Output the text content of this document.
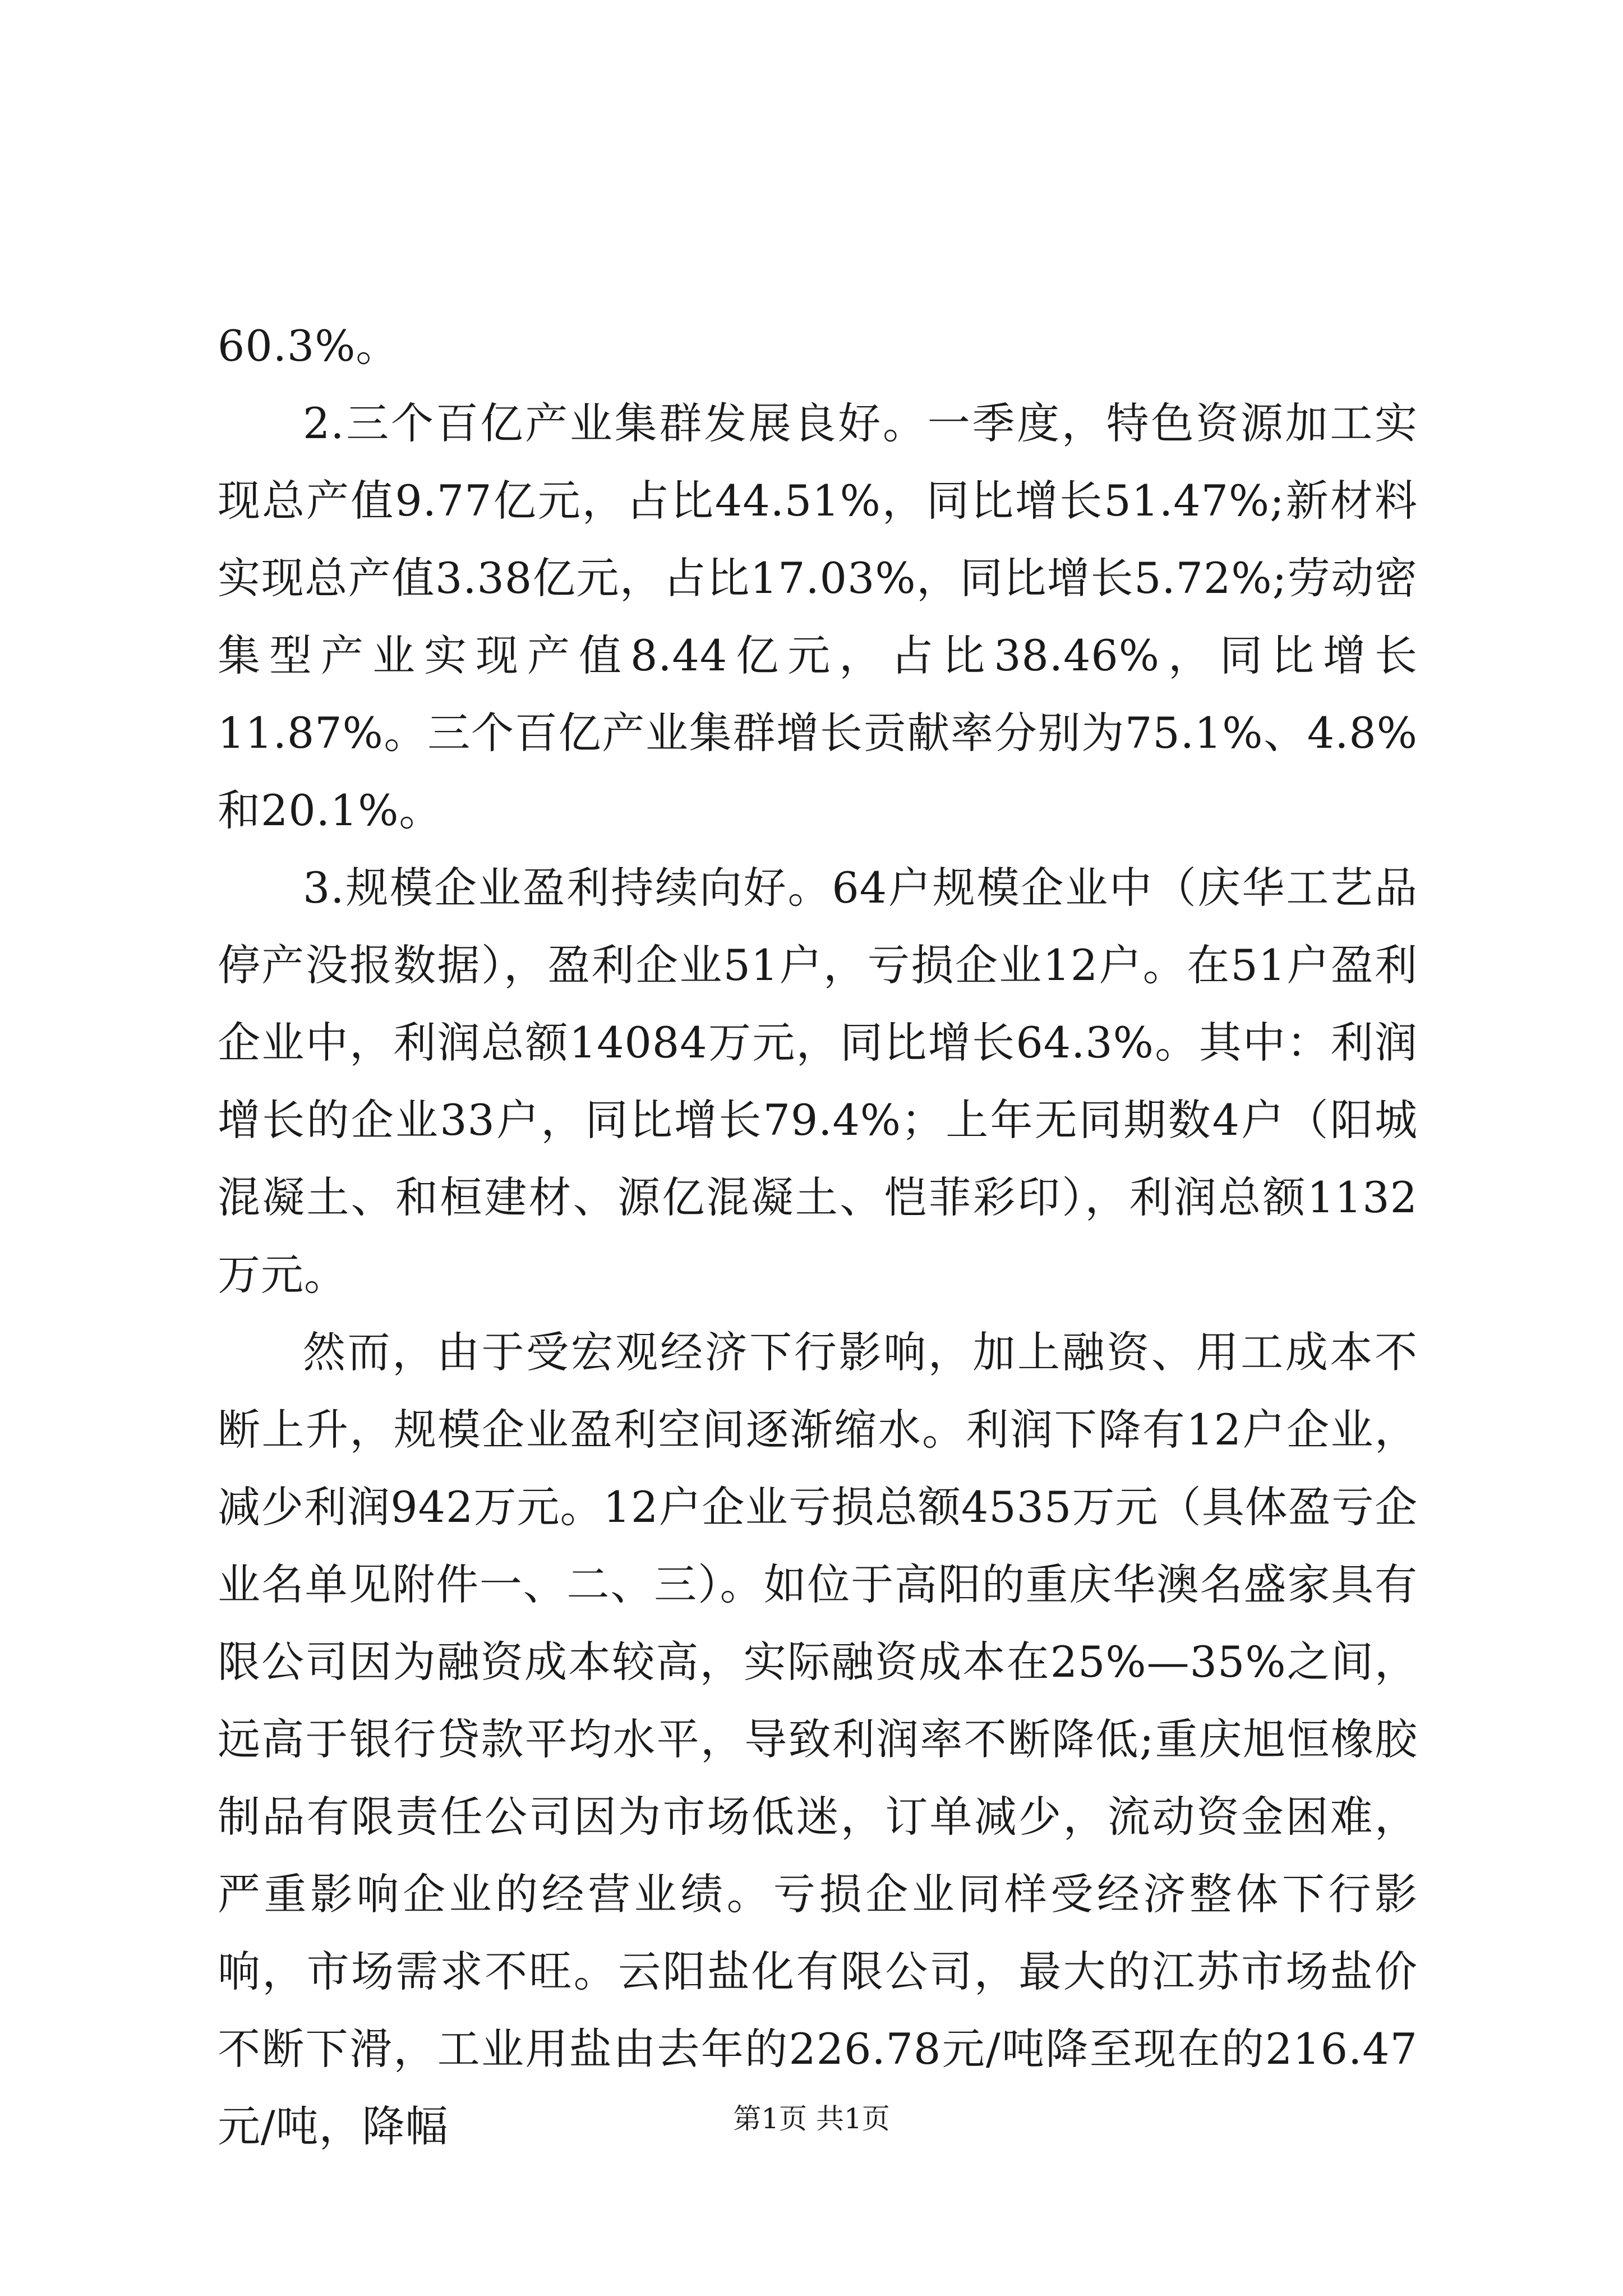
60.3%。

2.三个百亿产业集群发展良好。一季度，特色资源加工实现总产值9.77亿元，占比44.51%，同比增长51.47%;新材料实现总产值3.38亿元，占比17.03%，同比增长5.72%;劳动密集型产业实现产值8.44亿元，占比38.46%，同比增长11.87%。三个百亿产业集群增长贡献率分别为75.1%、4.8%和20.1%。

3.规模企业盈利持续向好。64户规模企业中（庆华工艺品停产没报数据），盈利企业51户，亏损企业12户。在51户盈利企业中，利润总额14084万元，同比增长64.3%。其中：利润增长的企业33户，同比增长79.4%；上年无同期数4户（阳城混凝土、和桓建材、源亿混凝土、恺菲彩印），利润总额1132万元。

然而，由于受宏观经济下行影响，加上融资、用工成本不断上升，规模企业盈利空间逐渐缩水。利润下降有12户企业，减少利润942万元。12户企业亏损总额4535万元（具体盈亏企业名单见附件一、二、三）。如位于高阳的重庆华澳名盛家具有限公司因为融资成本较高，实际融资成本在25%—35%之间，远高于银行贷款平均水平，导致利润率不断降低;重庆旭恒橡胶制品有限责任公司因为市场低迷，订单减少，流动资金困难，严重影响企业的经营业绩。亏损企业同样受经济整体下行影响，市场需求不旺。云阳盐化有限公司，最大的江苏市场盐价不断下滑，工业用盐由去年的226.78元/吨降至现在的216.47元/吨，降幅	第1页 共1页
